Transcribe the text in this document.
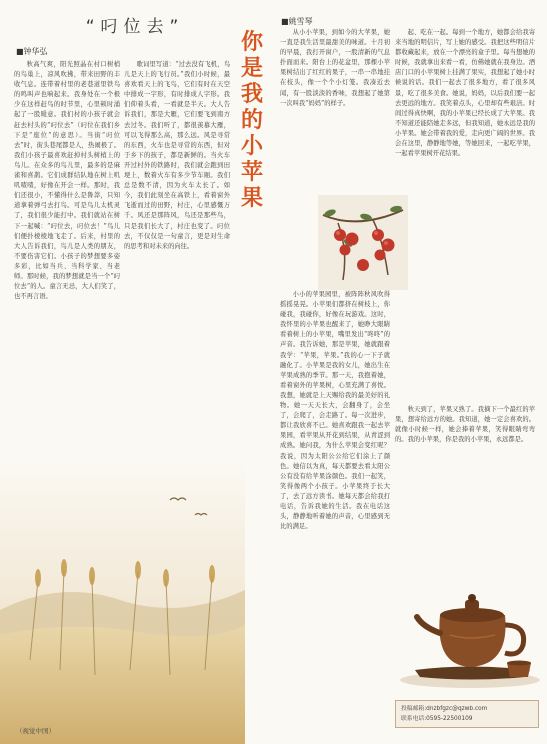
“叼位去”
■钟华弘

秋高气爽，阳光照晶在村口树梢的鸟巢上，凉风吹拂，带来田野的丰收气息。连带着村里的老巷道里铁鸟的鸣叫声也响起来。我身处在一个极少在这样赶鸟的时节里，心里顿时涌起了一股暖意。我们村的小孩子就会赶去村头的“叼位去”（叼位在我们乡下是“座位”的意思）。当街“叼位去”时，街头巷尾都是人，热闹极了。我们小孩子最喜欢赶掉村头树梢上的鸟儿。在众多的鸟儿里，最多的是麻雀和喜鹊。它们成群结队地在树上叽叽喳喳，好像在开会一样。那时，我们还很小，不懂得什么是鲁莽，只知道拿着弹弓去打鸟。可是鸟儿太机灵了，我们很少能打中。我们就站在树下一起喊：“叼位去，叼位去！”鸟儿们便扑棱棱地飞走了。后来，村里的大人告诉我们，鸟儿是人类的朋友，不要伤害它们。小孩子的梦想要多姿多彩，比如当兵、当科学家、当老师。那时候，我的梦想就是当一个“叼位去”的人。童言无忌，大人们笑了，也不再言语。

歌词里写道：“过去没有飞机，鸟儿是天上的飞行员。”我们小时候，最喜欢看天上的飞鸟，它们有时在天空中排成一字形，有时排成人字形。我们仰着头看，一看就是半天。大人告诉我们，那是大雁，它们要飞到南方去过冬。我们听了，都很羡慕大雁，可以飞得那么高，那么远。风是寻常的东西，火车也是寻常的东西，但对于乡下的孩子，都是新鲜的。当火车开过村外的铁路时，我们就会跑到田埂上，数着火车有多少节车厢。我们总是数不清，因为火车太长了。如今，我们此刻坐在高铁上，看着窗外飞逝而过的田野，村庄，心里感慨万千。风还是那阵风，鸟还是那些鸟，只是我们长大了，村庄也变了。叼位去，不仅仅是一句童言，更是对生命的思考和对未来的向往。

（视觉中国）
你
是
我
的
小
苹
果
■姚雪琴

从小小苹果，到如今的大苹果，她一直是我生活里最甜美的味道。十月初的早晨，我打开窗户，一股清新的气息扑面而来。阳台上的花盆里，那棵小苹果树结出了红红的果子，一串一串地挂在枝头，像一个个小灯笼。我凑近去闻，有一股淡淡的香味，我想起了她第一次叫我“妈妈”的样子。

小小的苹果园里，被阵阵秋风吹得摇摇晃晃。小苹果们都挤在树枝上，你碰我，我碰你，好像在玩游戏。这时，我怀里的小苹果也醒来了，她睁大眼睛看着树上的小苹果，嘴里发出“咚咚”的声音。我告诉她，那是苹果，她就跟着我学：“苹果，苹果。”我的心一下子就融化了。小苹果是我的女儿，她出生在苹果成熟的季节。那一天，我抱着她，看着窗外的苹果树，心里充满了喜悦。我想，她就是上天赐给我的最美好的礼物。她一天天长大，会翻身了，会坐了，会爬了，会走路了。每一次进步，都让我欣喜不已。她喜欢跟我一起去苹果园，看苹果从开花到结果，从青涩到成熟。她问我，为什么苹果会变红呢？我说，因为太阳公公给它们涂上了颜色。她信以为真，每天都要去看太阳公公有没有给苹果涂颜色。我们一起笑，笑得像两个小孩子。小苹果终于长大了，去了远方读书。她每天都会给我打电话，告诉我她的生活。我在电话这头，静静地听着她的声音，心里感到无比的满足。

起、吃在一起。每到一个地方，她都会给我寄来当地的明信片，写上她的感受。我把这些明信片都收藏起来，放在一个漂亮的盒子里。每当想她的时候，我就拿出来看一看，仿佛她就在我身边。酒店门口的小苹果树上挂满了果实，我想起了她小时候说的话。我们一起去了很多地方，看了很多风景，吃了很多美食。她说，妈妈，以后我们要一起去更远的地方。我笑着点头，心里却有些艰涪。时间过得真快啊，我的小苹果已经长成了大苹果。我不知道还能陪她走多远，但我知道，她永远是我的小苹果。她会带着我的爱，走向更广阔的世界。我会在这里，静静地等她，等她回来，一起吃苹果，一起看苹果树开花结果。

秋天到了，苹果又熟了。我摘下一个最红的苹果，想寄给远方的她。我知道，她一定会喜欢的。就像小时候一样，她会捧着苹果，笑得眼睛弯弯的。我的小苹果，你是我的小苹果，永远都是。

投稿邮箱:dnzbfgzc@qzwb.com
联系电话:0595-22500109
